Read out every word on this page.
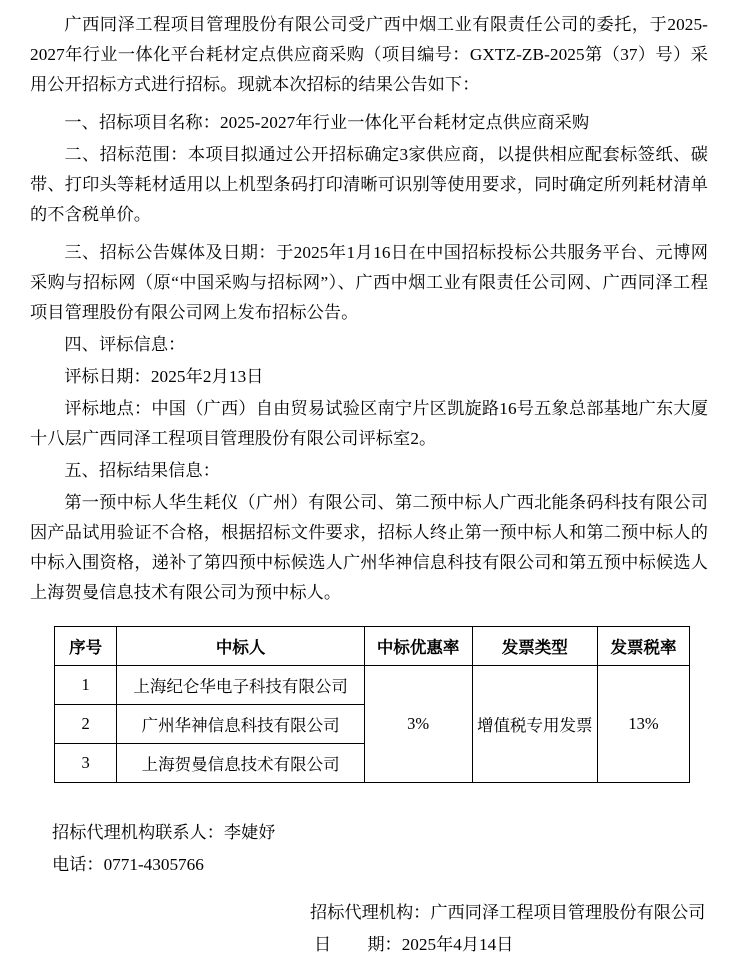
广西同泽工程项目管理股份有限公司受广西中烟工业有限责任公司的委托，于2025-2027年行业一体化平台耗材定点供应商采购（项目编号：GXTZ-ZB-2025第（37）号）采用公开招标方式进行招标。现就本次招标的结果公告如下：

一、招标项目名称：2025-2027年行业一体化平台耗材定点供应商采购

二、招标范围：本项目拟通过公开招标确定3家供应商，以提供相应配套标签纸、碳带、打印头等耗材适用以上机型条码打印清晰可识别等使用要求，同时确定所列耗材清单的不含税单价。

三、招标公告媒体及日期：于2025年1月16日在中国招标投标公共服务平台、元博网采购与招标网（原“中国采购与招标网”）、广西中烟工业有限责任公司网、广西同泽工程项目管理股份有限公司网上发布招标公告。

四、评标信息：

评标日期：2025年2月13日

评标地点：中国（广西）自由贸易试验区南宁片区凯旋路16号五象总部基地广东大厦十八层广西同泽工程项目管理股份有限公司评标室2。

五、招标结果信息：

第一预中标人华生耗仪（广州）有限公司、第二预中标人广西北能条码科技有限公司因产品试用验证不合格，根据招标文件要求，招标人终止第一预中标人和第二预中标人的中标入围资格，递补了第四预中标候选人广州华神信息科技有限公司和第五预中标候选人上海贺曼信息技术有限公司为预中标人。

序号	中标人	中标优惠率	发票类型	发票税率
1	上海纪仑华电子科技有限公司	3%	增值税专用发票	13%
2	广州华神信息科技有限公司			
3	上海贺曼信息技术有限公司			
招标代理机构联系人：李婕妤
电话：0771-4305766
招标代理机构：广西同泽工程项目管理股份有限公司
日 期：2025年4月14日
